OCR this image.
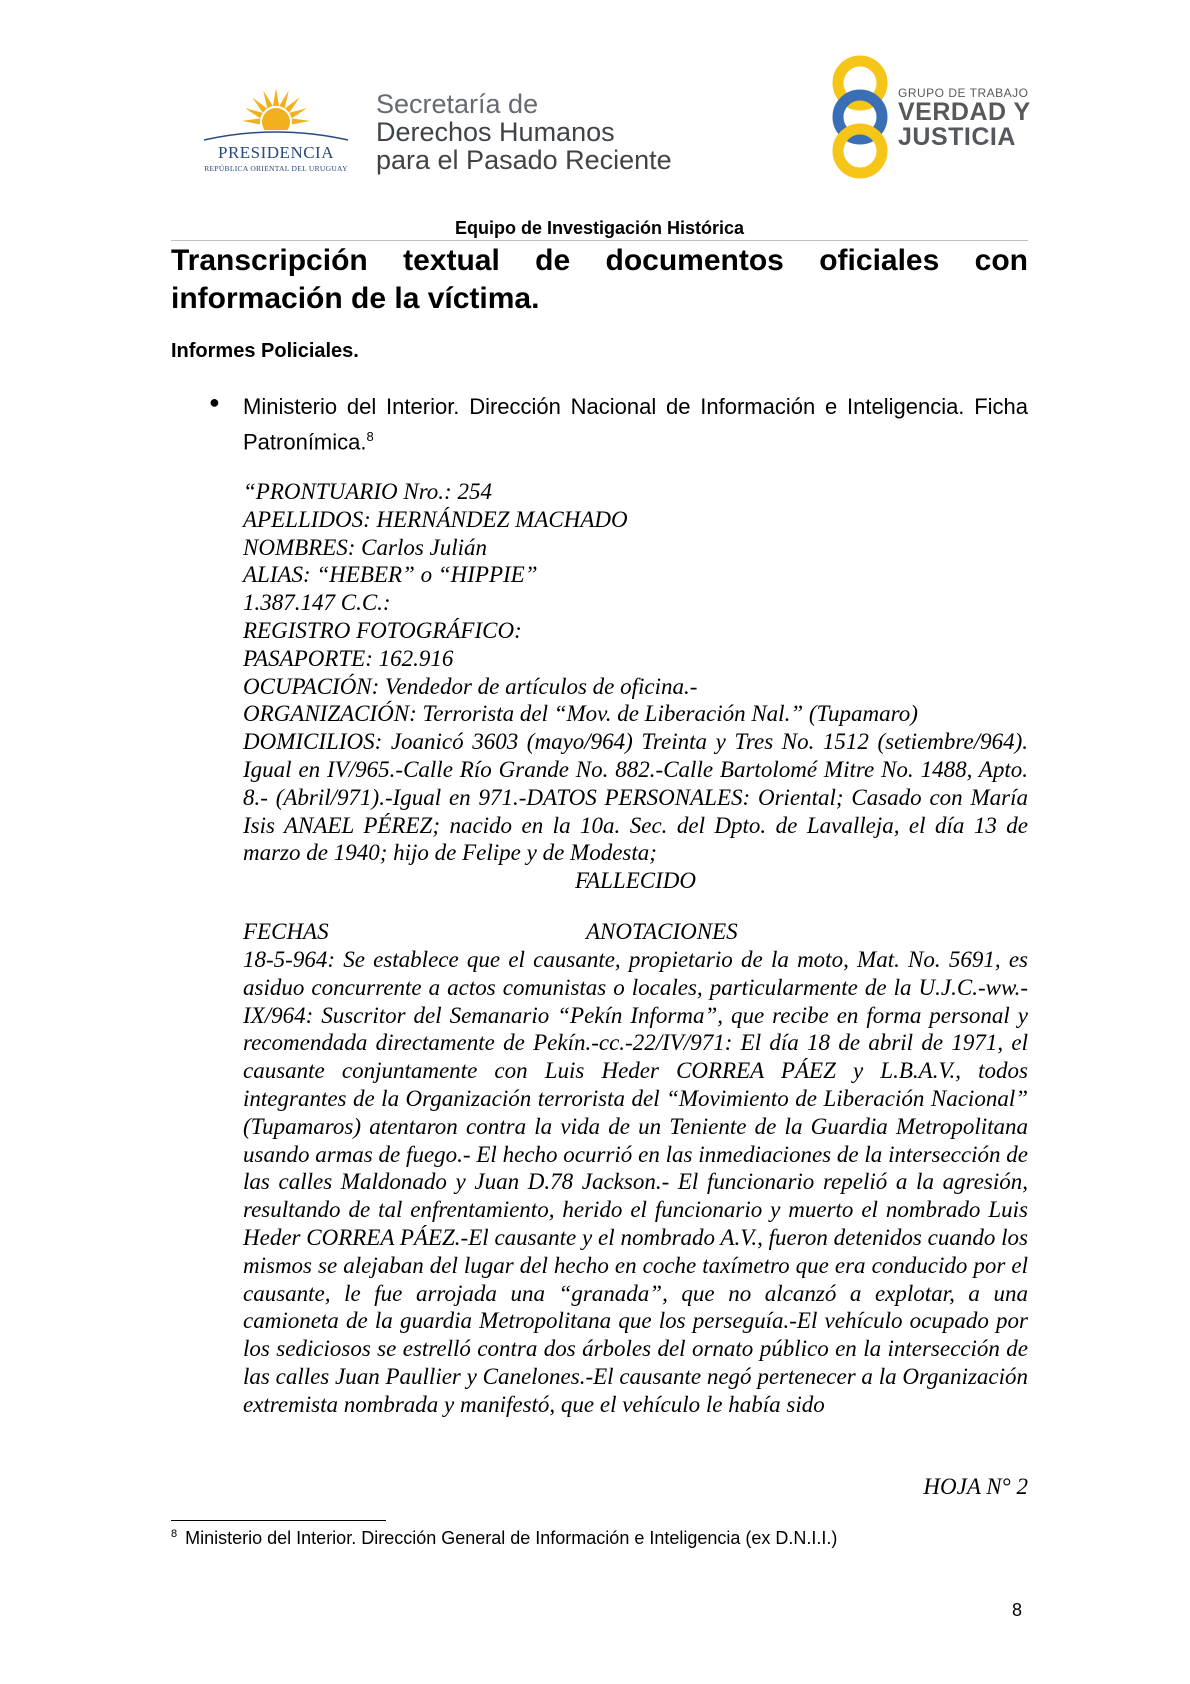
PRESIDENCIA
REPÚBLICA ORIENTAL DEL URUGUAY
Secretaría de
Derechos Humanos
para el Pasado Reciente
GRUPO DE TRABAJO
VERDAD Y
JUSTICIA
Equipo de Investigación Histórica
Transcripción textual de documentos oficiales con información de la víctima.
Informes Policiales.
● Ministerio del Interior. Dirección Nacional de Información e Inteligencia. Ficha Patronímica.$^8$
“PRONTUARIO Nro.: 254
APELLIDOS: HERNÁNDEZ MACHADO
NOMBRES: Carlos Julián
ALIAS: “HEBER” o “HIPPIE”
1.387.147 C.C.:
REGISTRO FOTOGRÁFICO:
PASAPORTE: 162.916
OCUPACIÓN: Vendedor de artículos de oficina.-
ORGANIZACIÓN: Terrorista del “Mov. de Liberación Nal.” (Tupamaro)
DOMICILIOS: Joanicó 3603 (mayo/964) Treinta y Tres No. 1512 (setiembre/964). Igual en IV/965.-Calle Río Grande No. 882.-Calle Bartolomé Mitre No. 1488, Apto. 8.- (Abril/971).-Igual en 971.-DATOS PERSONALES: Oriental; Casado con María Isis ANAEL PÉREZ; nacido en la 10a. Sec. del Dpto. de Lavalleja, el día 13 de marzo de 1940; hijo de Felipe y de Modesta;
FALLECIDO
FECHAS	ANOTACIONES
18-5-964: Se establece que el causante, propietario de la moto, Mat. No. 5691, es asiduo concurrente a actos comunistas o locales, particularmente de la U.J.C.-ww.-IX/964: Suscritor del Semanario “Pekín Informa”, que recibe en forma personal y recomendada directamente de Pekín.-cc.-22/IV/971: El día 18 de abril de 1971, el causante conjuntamente con Luis Heder CORREA PÁEZ y L.B.A.V., todos integrantes de la Organización terrorista del “Movimiento de Liberación Nacional” (Tupamaros) atentaron contra la vida de un Teniente de la Guardia Metropolitana usando armas de fuego.- El hecho ocurrió en las inmediaciones de la intersección de las calles Maldonado y Juan D.78 Jackson.- El funcionario repelió a la agresión, resultando de tal enfrentamiento, herido el funcionario y muerto el nombrado Luis Heder CORREA PÁEZ.-El causante y el nombrado A.V., fueron detenidos cuando los mismos se alejaban del lugar del hecho en coche taxímetro que era conducido por el causante, le fue arrojada una “granada”, que no alcanzó a explotar, a una camioneta de la guardia Metropolitana que los perseguía.-El vehículo ocupado por los sediciosos se estrelló contra dos árboles del ornato público en la intersección de las calles Juan Paullier y Canelones.-El causante negó pertenecer a la Organización extremista nombrada y manifestó, que el vehículo le había sido
HOJA N° 2
$^8$ Ministerio del Interior. Dirección General de Información e Inteligencia (ex D.N.I.I.)
8
